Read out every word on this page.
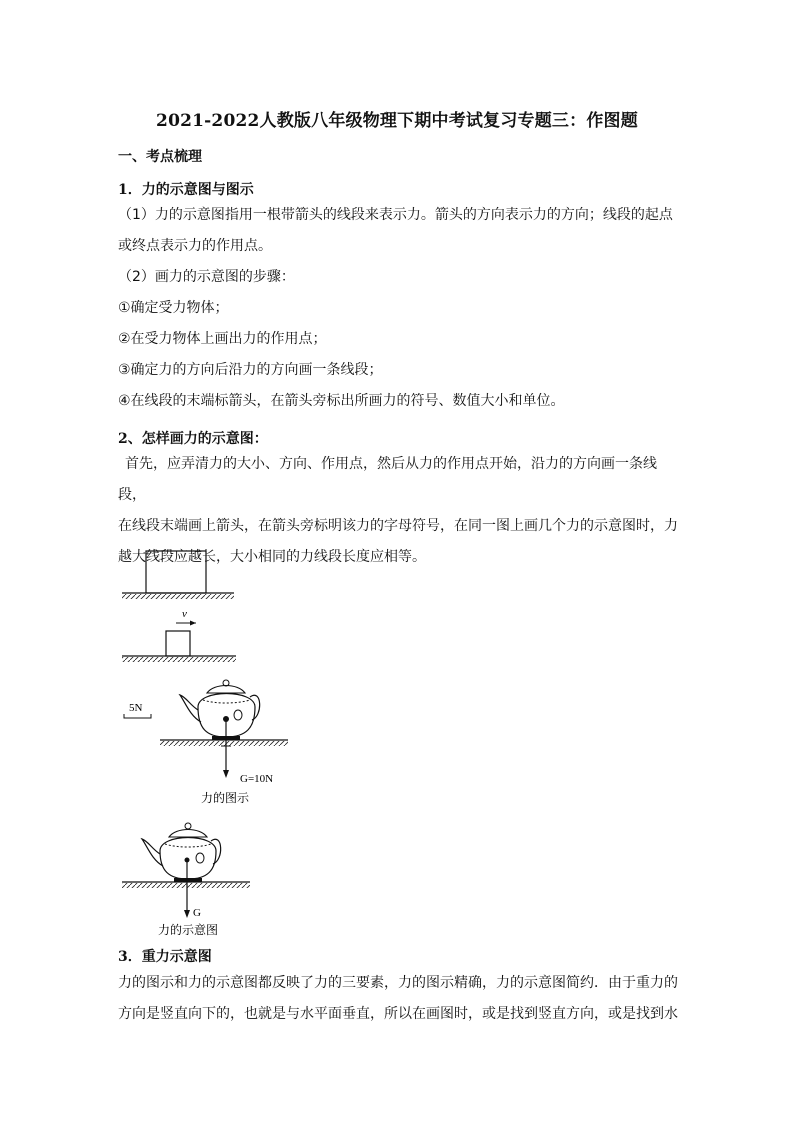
2021-2022人教版八年级物理下期中考试复习专题三：作图题
一、考点梳理
1．力的示意图与图示
（1）力的示意图指用一根带箭头的线段来表示力。箭头的方向表示力的方向；线段的起点
或终点表示力的作用点。
（2）画力的示意图的步骤：
①确定受力物体；
②在受力物体上画出力的作用点；
③确定力的方向后沿力的方向画一条线段；
④在线段的末端标箭头，在箭头旁标出所画力的符号、数值大小和单位。
2、怎样画力的示意图：
首先，应弄清力的大小、方向、作用点，然后从力的作用点开始，沿力的方向画一条线段，
在线段末端画上箭头，在箭头旁标明该力的字母符号，在同一图上画几个力的示意图时，力
越大线段应越长，大小相同的力线段长度应相等。
v
5N
G=10N
力的图示
G
力的示意图
3．重力示意图
力的图示和力的示意图都反映了力的三要素，力的图示精确，力的示意图简约．由于重力的
方向是竖直向下的，也就是与水平面垂直，所以在画图时，或是找到竖直方向，或是找到水
